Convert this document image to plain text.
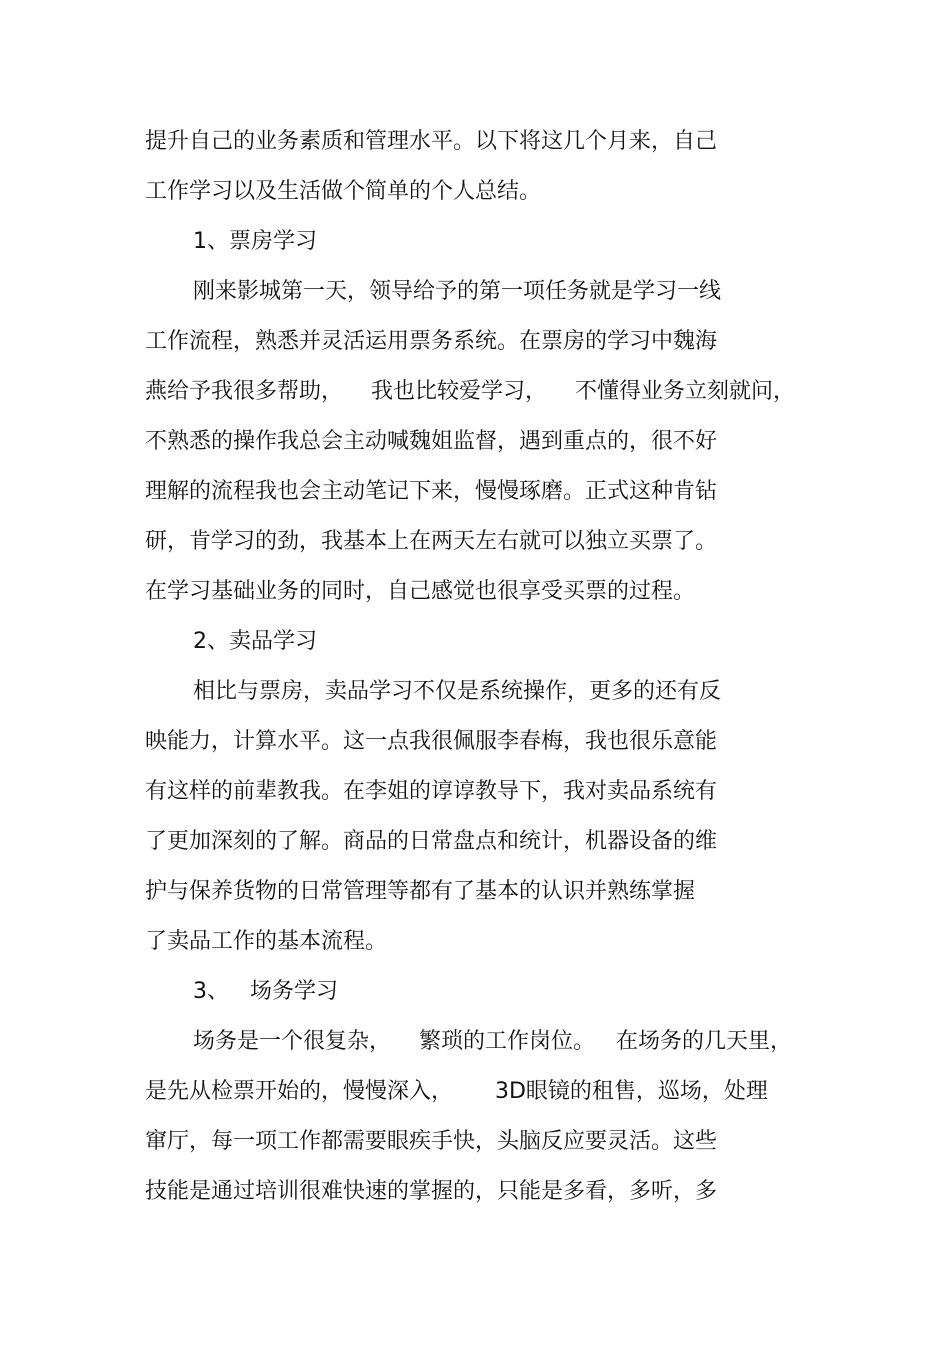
提升自己的业务素质和管理水平。以下将这几个月来，自己
工作学习以及生活做个简单的个人总结。
1、票房学习
刚来影城第一天，领导给予的第一项任务就是学习一线
工作流程，熟悉并灵活运用票务系统。在票房的学习中魏海
燕给予我很多帮助，    我也比较爱学习，    不懂得业务立刻就问，
不熟悉的操作我总会主动喊魏姐监督，遇到重点的，很不好
理解的流程我也会主动笔记下来，慢慢琢磨。正式这种肯钻
研，肯学习的劲，我基本上在两天左右就可以独立买票了。
在学习基础业务的同时，自己感觉也很享受买票的过程。
2、卖品学习
相比与票房，卖品学习不仅是系统操作，更多的还有反
映能力，计算水平。这一点我很佩服李春梅，我也很乐意能
有这样的前辈教我。在李姐的谆谆教导下，我对卖品系统有
了更加深刻的了解。商品的日常盘点和统计，机器设备的维
护与保养货物的日常管理等都有了基本的认识并熟练掌握
了卖品工作的基本流程。
3、   场务学习
场务是一个很复杂，    繁琐的工作岗位。   在场务的几天里，
是先从检票开始的，慢慢深入，      3D眼镜的租售，巡场，处理
窜厅，每一项工作都需要眼疾手快，头脑反应要灵活。这些
技能是通过培训很难快速的掌握的，只能是多看，多听，多
